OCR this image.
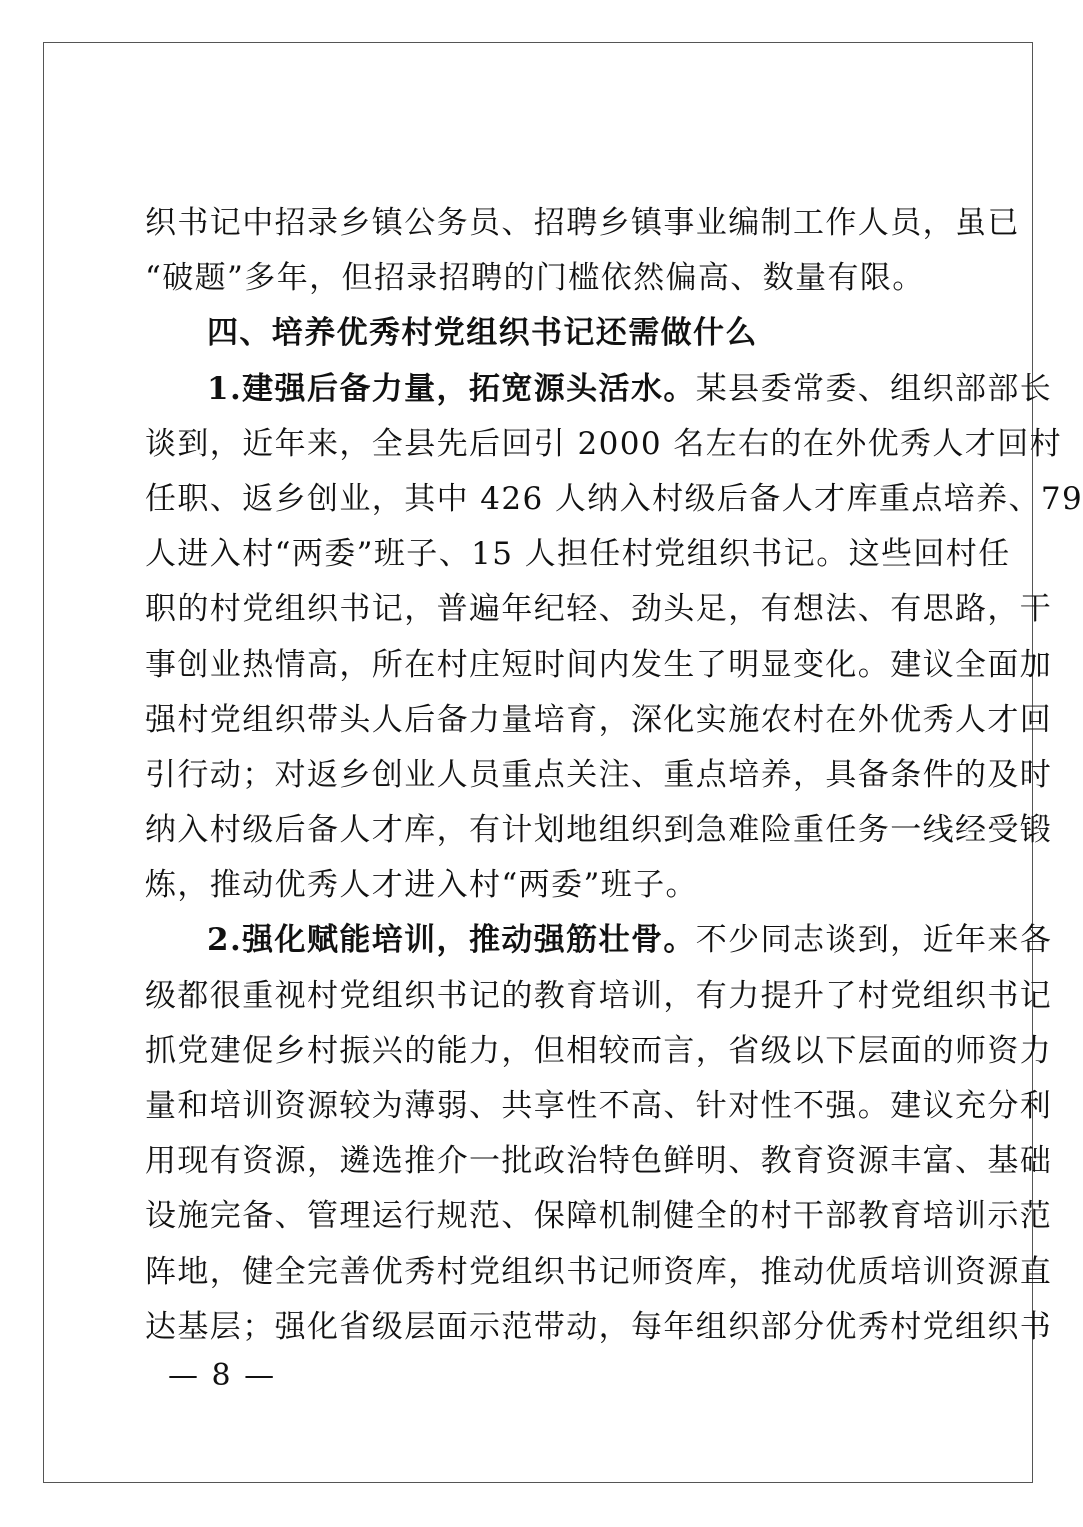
织书记中招录乡镇公务员、招聘乡镇事业编制工作人员，虽已
“破题”多年，但招录招聘的门槛依然偏高、数量有限。
四、培养优秀村党组织书记还需做什么
1.建强后备力量，拓宽源头活水。某县委常委、组织部部长
谈到，近年来，全县先后回引 2000 名左右的在外优秀人才回村
任职、返乡创业，其中 426 人纳入村级后备人才库重点培养、79
人进入村“两委”班子、15 人担任村党组织书记。这些回村任
职的村党组织书记，普遍年纪轻、劲头足，有想法、有思路，干
事创业热情高，所在村庄短时间内发生了明显变化。建议全面加
强村党组织带头人后备力量培育，深化实施农村在外优秀人才回
引行动；对返乡创业人员重点关注、重点培养，具备条件的及时
纳入村级后备人才库，有计划地组织到急难险重任务一线经受锻
炼，推动优秀人才进入村“两委”班子。
2.强化赋能培训，推动强筋壮骨。不少同志谈到，近年来各
级都很重视村党组织书记的教育培训，有力提升了村党组织书记
抓党建促乡村振兴的能力，但相较而言，省级以下层面的师资力
量和培训资源较为薄弱、共享性不高、针对性不强。建议充分利
用现有资源，遴选推介一批政治特色鲜明、教育资源丰富、基础
设施完备、管理运行规范、保障机制健全的村干部教育培训示范
阵地，健全完善优秀村党组织书记师资库，推动优质培训资源直
达基层；强化省级层面示范带动，每年组织部分优秀村党组织书
— 8 —
